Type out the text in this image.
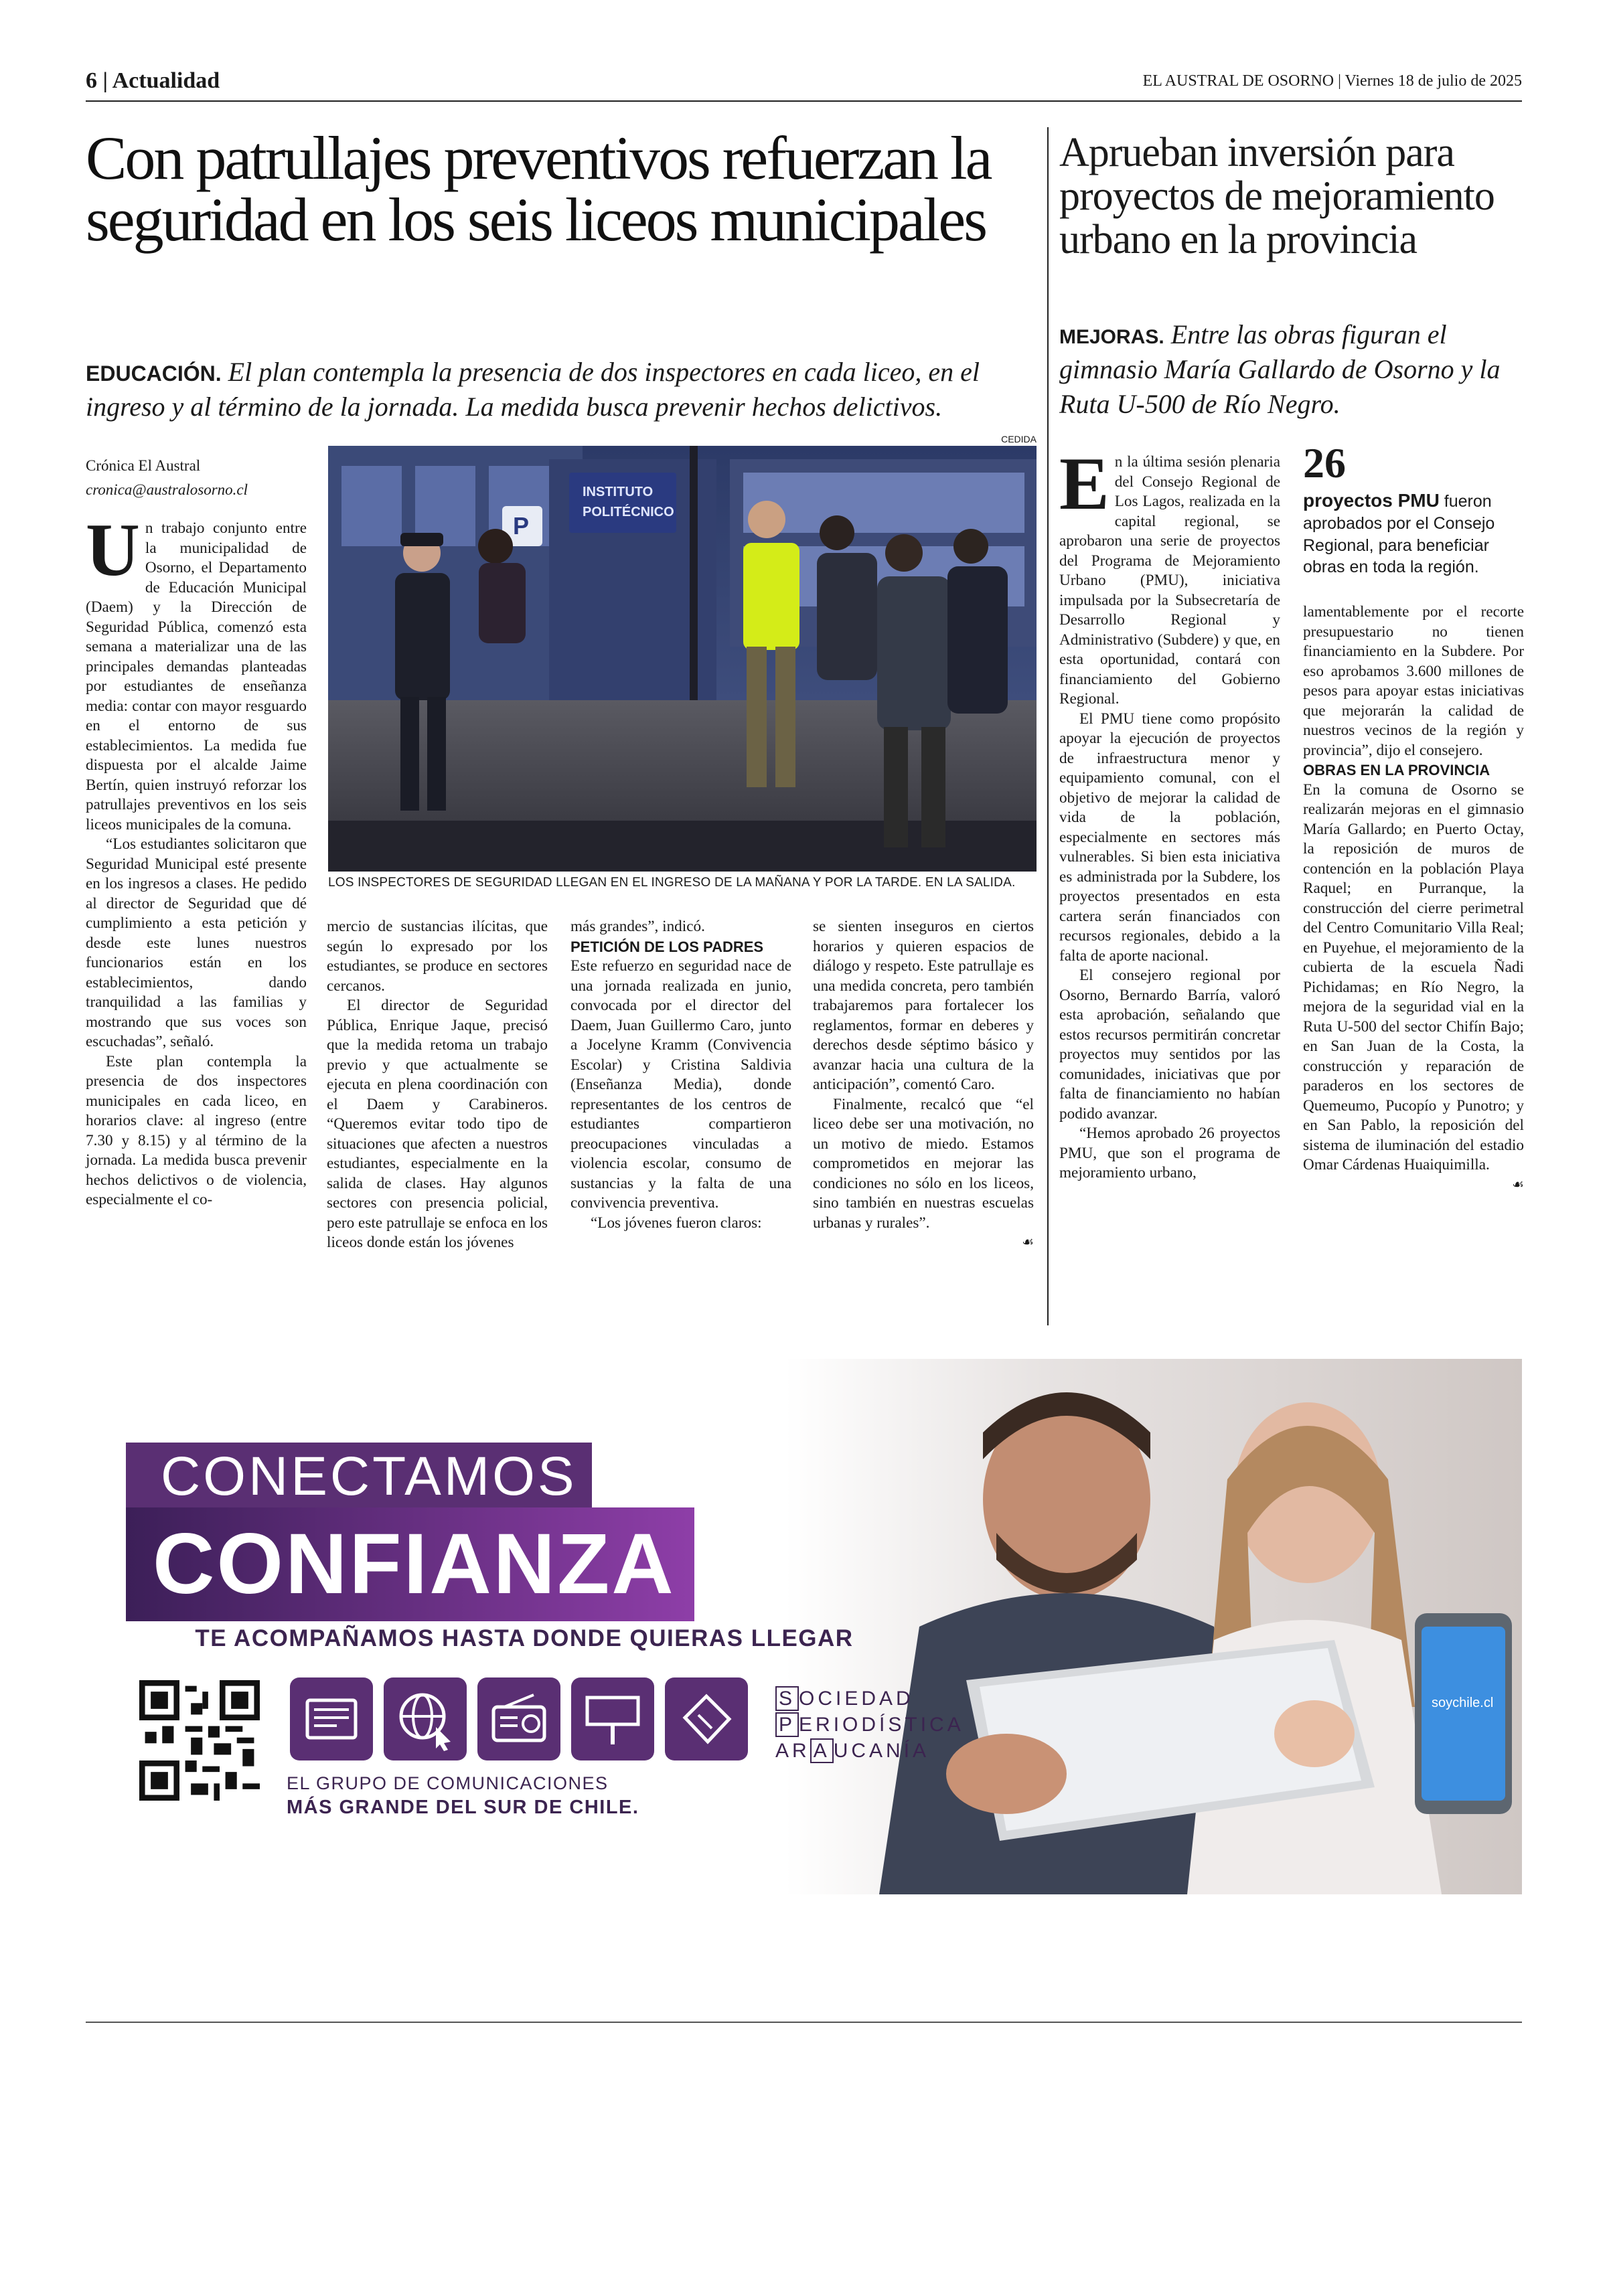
6 | Actualidad	EL AUSTRAL DE OSORNO | Viernes 18 de julio de 2025
Con patrullajes preventivos refuerzan la seguridad en los seis liceos municipales
EDUCACIÓN. El plan contempla la presencia de dos inspectores en cada liceo, en el ingreso y al término de la jornada. La medida busca prevenir hechos delictivos.
Crónica El Austral
cronica@australosorno.cl

Un trabajo conjunto entre la municipalidad de Osorno, el Departamento de Educación Municipal (Daem) y la Dirección de Seguridad Pública, comenzó esta semana a materializar una de las principales demandas planteadas por estudiantes de enseñanza media: contar con mayor resguardo en el entorno de sus establecimientos. La medida fue dispuesta por el alcalde Jaime Bertín, quien instruyó reforzar los patrullajes preventivos en los seis liceos municipales de la comuna.

“Los estudiantes solicitaron que Seguridad Municipal esté presente en los ingresos a clases. He pedido al director de Seguridad que dé cumplimiento a esta petición y desde este lunes nuestros funcionarios están en los establecimientos, dando tranquilidad a las familias y mostrando que sus voces son escuchadas”, señaló.

Este plan contempla la presencia de dos inspectores municipales en cada liceo, en horarios clave: al ingreso (entre 7.30 y 8.15) y al término de la jornada. La medida busca prevenir hechos delictivos o de violencia, especialmente el co-

CEDIDA
INSTITUTO
POLITÉCNICO
P
LOS INSPECTORES DE SEGURIDAD LLEGAN EN EL INGRESO DE LA MAÑANA Y POR LA TARDE. EN LA SALIDA.

mercio de sustancias ilícitas, que según lo expresado por los estudiantes, se produce en sectores cercanos.

El director de Seguridad Pública, Enrique Jaque, precisó que la medida retoma un trabajo previo y que actualmente se ejecuta en plena coordinación con el Daem y Carabineros. “Queremos evitar todo tipo de situaciones que afecten a nuestros estudiantes, especialmente en la salida de clases. Hay algunos sectores con presencia policial, pero este patrullaje se enfoca en los liceos donde están los jóvenes

más grandes”, indicó.

PETICIÓN DE LOS PADRES

Este refuerzo en seguridad nace de una jornada realizada en junio, convocada por el director del Daem, Juan Guillermo Caro, junto a Jocelyne Kramm (Convivencia Escolar) y Cristina Saldivia (Enseñanza Media), donde representantes de los centros de estudiantes compartieron preocupaciones vinculadas a violencia escolar, consumo de sustancias y la falta de una convivencia preventiva.

“Los jóvenes fueron claros:

se sienten inseguros en ciertos horarios y quieren espacios de diálogo y respeto. Este patrullaje es una medida concreta, pero también trabajaremos para fortalecer los reglamentos, formar en deberes y derechos desde séptimo básico y avanzar hacia una cultura de la anticipación”, comentó Caro.

Finalmente, recalcó que “el liceo debe ser una motivación, no un motivo de miedo. Estamos comprometidos en mejorar las condiciones no sólo en los liceos, sino también en nuestras escuelas urbanas y rurales”.

☙

Aprueban inversión para proyectos de mejoramiento urbano en la provincia
MEJORAS. Entre las obras figuran el gimnasio María Gallardo de Osorno y la Ruta U-500 de Río Negro.

En la última sesión plenaria del Consejo Regional de Los Lagos, realizada en la capital regional, se aprobaron una serie de proyectos del Programa de Mejoramiento Urbano (PMU), iniciativa impulsada por la Subsecretaría de Desarrollo Regional y Administrativo (Subdere) y que, en esta oportunidad, contará con financiamiento del Gobierno Regional.

El PMU tiene como propósito apoyar la ejecución de proyectos de infraestructura menor y equipamiento comunal, con el objetivo de mejorar la calidad de vida de la población, especialmente en sectores más vulnerables. Si bien esta iniciativa es administrada por la Subdere, los proyectos presentados en esta cartera serán financiados con recursos regionales, debido a la falta de aporte nacional.

El consejero regional por Osorno, Bernardo Barría, valoró esta aprobación, señalando que estos recursos permitirán concretar proyectos muy sentidos por las comunidades, iniciativas que por falta de financiamiento no habían podido avanzar.

“Hemos aprobado 26 proyectos PMU, que son el programa de mejoramiento urbano,

26
proyectos PMU fueron aprobados por el Consejo Regional, para beneficiar obras en toda la región.

lamentablemente por el recorte presupuestario no tienen financiamiento en la Subdere. Por eso aprobamos 3.600 millones de pesos para apoyar estas iniciativas que mejorarán la calidad de nuestros vecinos de la región y provincia”, dijo el consejero.

OBRAS EN LA PROVINCIA

En la comuna de Osorno se realizarán mejoras en el gimnasio María Gallardo; en Puerto Octay, la reposición de muros de contención en la población Playa Raquel; en Purranque, la construcción del cierre perimetral del Centro Comunitario Villa Real; en Puyehue, el mejoramiento de la cubierta de la escuela Ñadi Pichidamas; en Río Negro, la mejora de la seguridad vial en la Ruta U-500 del sector Chifín Bajo; en San Juan de la Costa, la construcción y reparación de paraderos en los sectores de Quemeumo, Pucopío y Punotro; y en San Pablo, la reposición del sistema de iluminación del estadio Omar Cárdenas Huaiquimilla.

☙

soychile.cl
CONECTAMOS
CONFIANZA
TE ACOMPAÑAMOS HASTA DONDE QUIERAS LLEGAR
EL GRUPO DE COMUNICACIONES
MÁS GRANDE DEL SUR DE CHILE.
S OCIEDAD
P ERIODÍSTICA
AR A UCANÍA
